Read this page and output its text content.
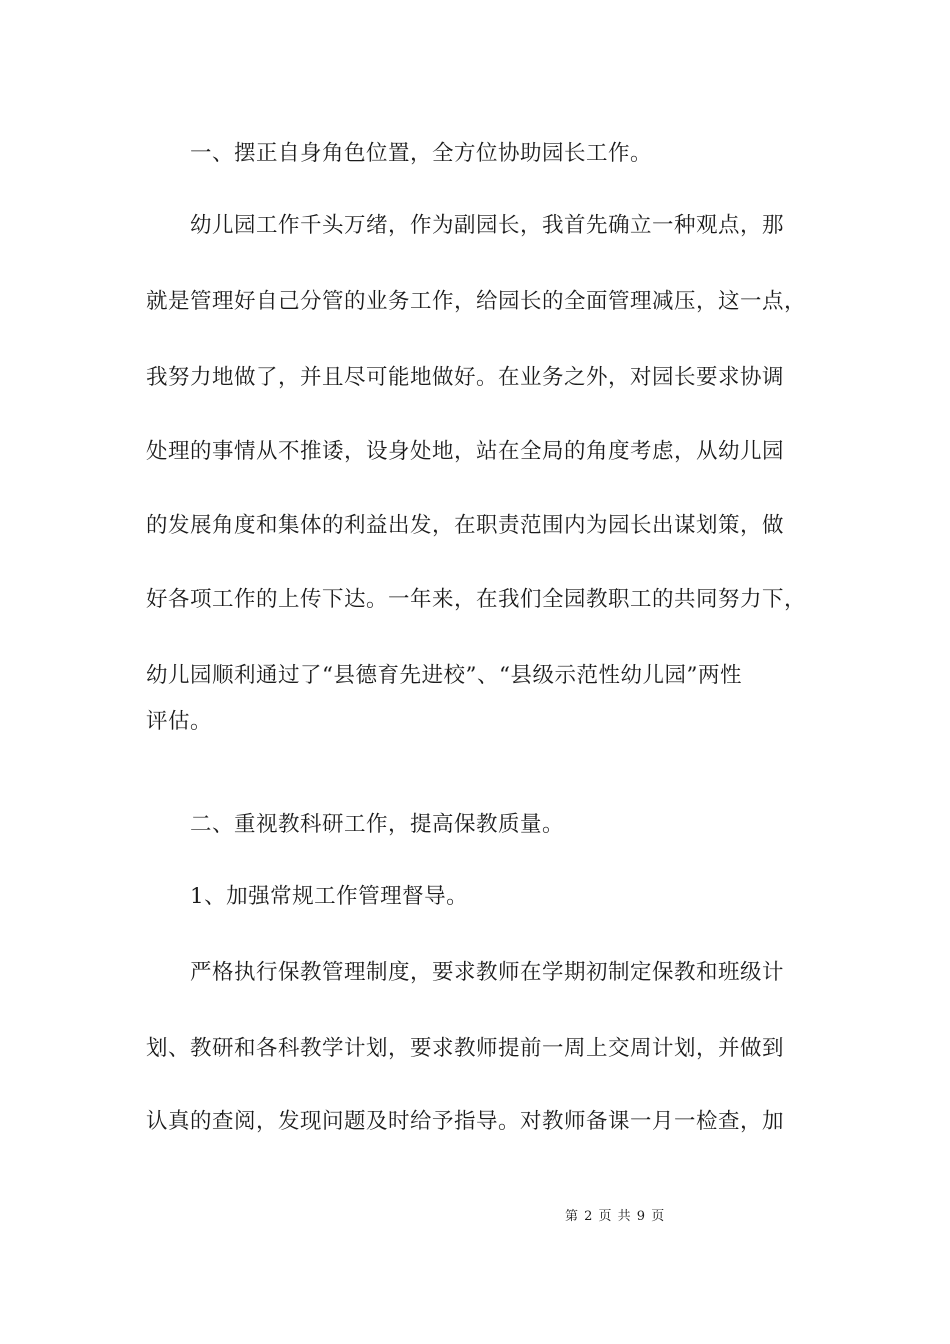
一、摆正自身角色位置，全方位协助园长工作。
幼儿园工作千头万绪，作为副园长，我首先确立一种观点，那
就是管理好自己分管的业务工作，给园长的全面管理减压，这一点，
我努力地做了，并且尽可能地做好。在业务之外，对园长要求协调
处理的事情从不推诿，设身处地，站在全局的角度考虑，从幼儿园
的发展角度和集体的利益出发，在职责范围内为园长出谋划策，做
好各项工作的上传下达。一年来，在我们全园教职工的共同努力下，
幼儿园顺利通过了“县德育先进校”、“县级示范性幼儿园”两性
评估。
二、重视教科研工作，提高保教质量。
1、加强常规工作管理督导。
严格执行保教管理制度，要求教师在学期初制定保教和班级计
划、教研和各科教学计划，要求教师提前一周上交周计划，并做到
认真的查阅，发现问题及时给予指导。对教师备课一月一检查，加
第 2 页 共 9 页
